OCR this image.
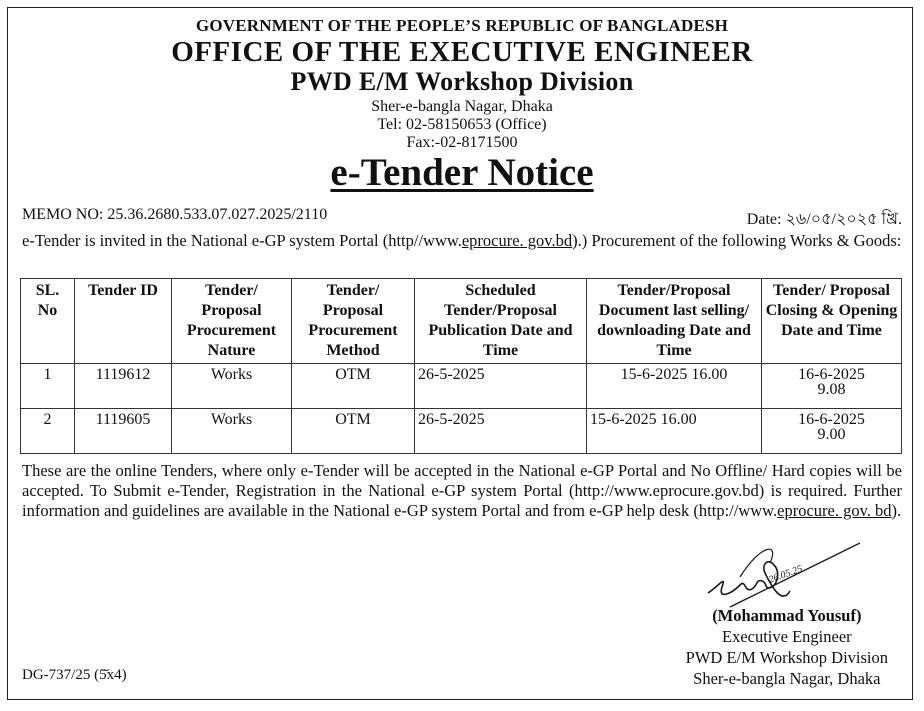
GOVERNMENT OF THE PEOPLE’S REPUBLIC OF BANGLADESH
OFFICE OF THE EXECUTIVE ENGINEER
PWD E/M Workshop Division
Sher-e-bangla Nagar, Dhaka
Tel: 02-58150653 (Office)
Fax:-02-8171500
e-Tender Notice
MEMO NO: 25.36.2680.533.07.027.2025/2110	Date: ২৬/০৫/২০২৫ খ্রি.
e-Tender is invited in the National e-GP system Portal (http//www.eprocure. gov.bd).) Procurement of the following Works & Goods:
SL. No	Tender ID	Tender/ Proposal Procurement Nature	Tender/ Proposal Procurement Method	Scheduled Tender/Proposal Publication Date and Time	Tender/Proposal Document last selling/ downloading Date and Time	Tender/ Proposal Closing & Opening Date and Time
1	1119612	Works	OTM	26-5-2025	15-6-2025 16.00	16-6-2025
9.08

2	1119605	Works	OTM	26-5-2025	15-6-2025 16.00	16-6-2025
9.00
These are the online Tenders, where only e-Tender will be accepted in the National e-GP Portal and No Offline/ Hard copies will be accepted. To Submit e-Tender, Registration in the National e-GP system Portal (http://www.eprocure.gov.bd) is required. Further information and guidelines are available in the National e-GP system Portal and from e-GP help desk (http://www.eprocure. gov. bd).
26.05.25
(Mohammad Yousuf)
Executive Engineer
PWD E/M Workshop Division
Sher-e-bangla Nagar, Dhaka
DG-737/25 (5̆x4)
